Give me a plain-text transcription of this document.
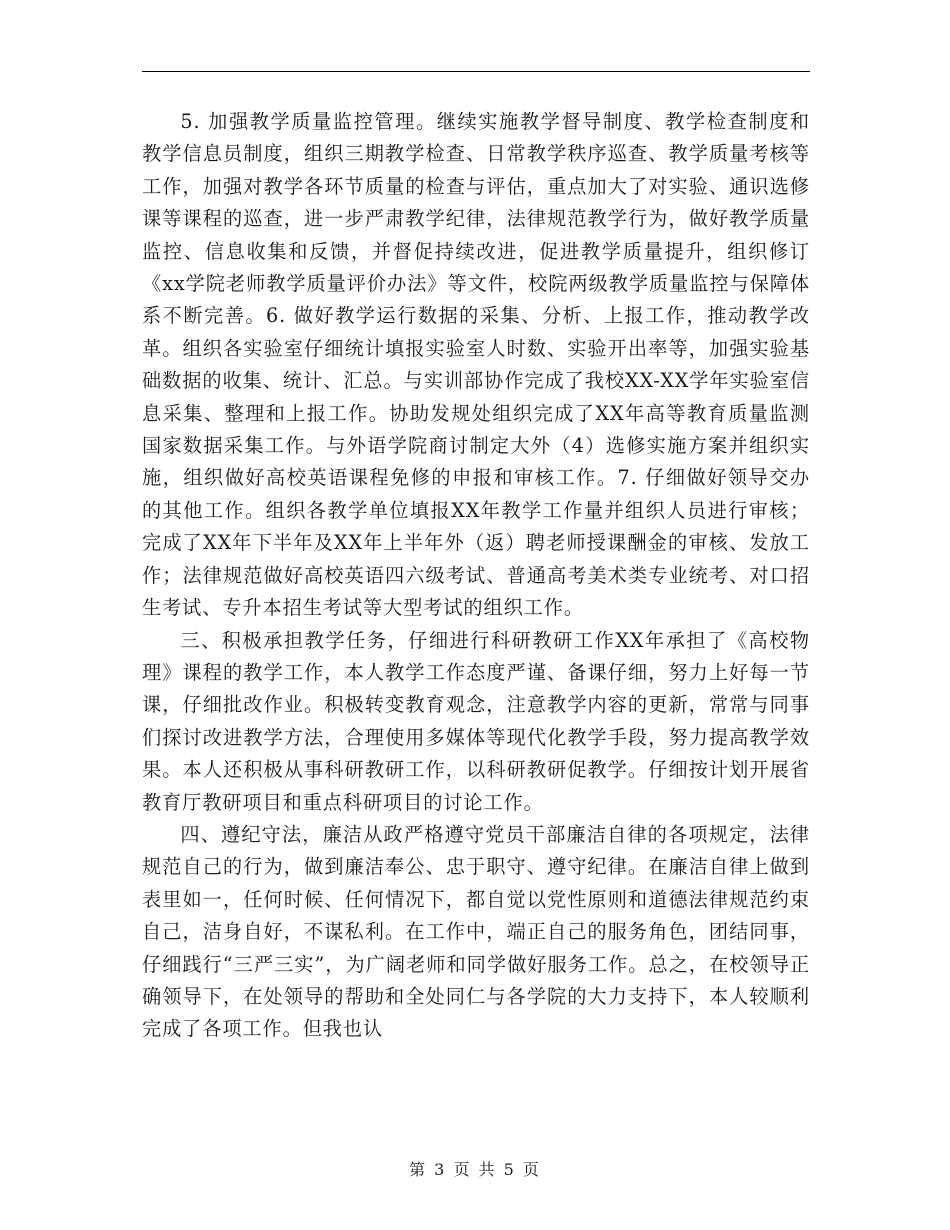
5. 加强教学质量监控管理。继续实施教学督导制度、教学检查制度和教学信息员制度，组织三期教学检查、日常教学秩序巡查、教学质量考核等工作，加强对教学各环节质量的检查与评估，重点加大了对实验、通识选修课等课程的巡查，进一步严肃教学纪律，法律规范教学行为，做好教学质量监控、信息收集和反馈，并督促持续改进，促进教学质量提升，组织修订《xx学院老师教学质量评价办法》等文件，校院两级教学质量监控与保障体系不断完善。6. 做好教学运行数据的采集、分析、上报工作，推动教学改革。组织各实验室仔细统计填报实验室人时数、实验开出率等，加强实验基础数据的收集、统计、汇总。与实训部协作完成了我校XX-XX学年实验室信息采集、整理和上报工作。协助发规处组织完成了XX年高等教育质量监测国家数据采集工作。与外语学院商讨制定大外（4）选修实施方案并组织实施，组织做好高校英语课程免修的申报和审核工作。7. 仔细做好领导交办的其他工作。组织各教学单位填报XX年教学工作量并组织人员进行审核；完成了XX年下半年及XX年上半年外（返）聘老师授课酬金的审核、发放工作；法律规范做好高校英语四六级考试、普通高考美术类专业统考、对口招生考试、专升本招生考试等大型考试的组织工作。

三、积极承担教学任务，仔细进行科研教研工作XX年承担了《高校物理》课程的教学工作，本人教学工作态度严谨、备课仔细，努力上好每一节课，仔细批改作业。积极转变教育观念，注意教学内容的更新，常常与同事们探讨改进教学方法，合理使用多媒体等现代化教学手段，努力提高教学效果。本人还积极从事科研教研工作，以科研教研促教学。仔细按计划开展省教育厅教研项目和重点科研项目的讨论工作。

四、遵纪守法，廉洁从政严格遵守党员干部廉洁自律的各项规定，法律规范自己的行为，做到廉洁奉公、忠于职守、遵守纪律。在廉洁自律上做到表里如一，任何时候、任何情况下，都自觉以党性原则和道德法律规范约束自己，洁身自好，不谋私利。在工作中，端正自己的服务角色，团结同事，仔细践行“三严三实”，为广阔老师和同学做好服务工作。总之，在校领导正确领导下，在处领导的帮助和全处同仁与各学院的大力支持下，本人较顺利完成了各项工作。但我也认

第 3 页 共 5 页
